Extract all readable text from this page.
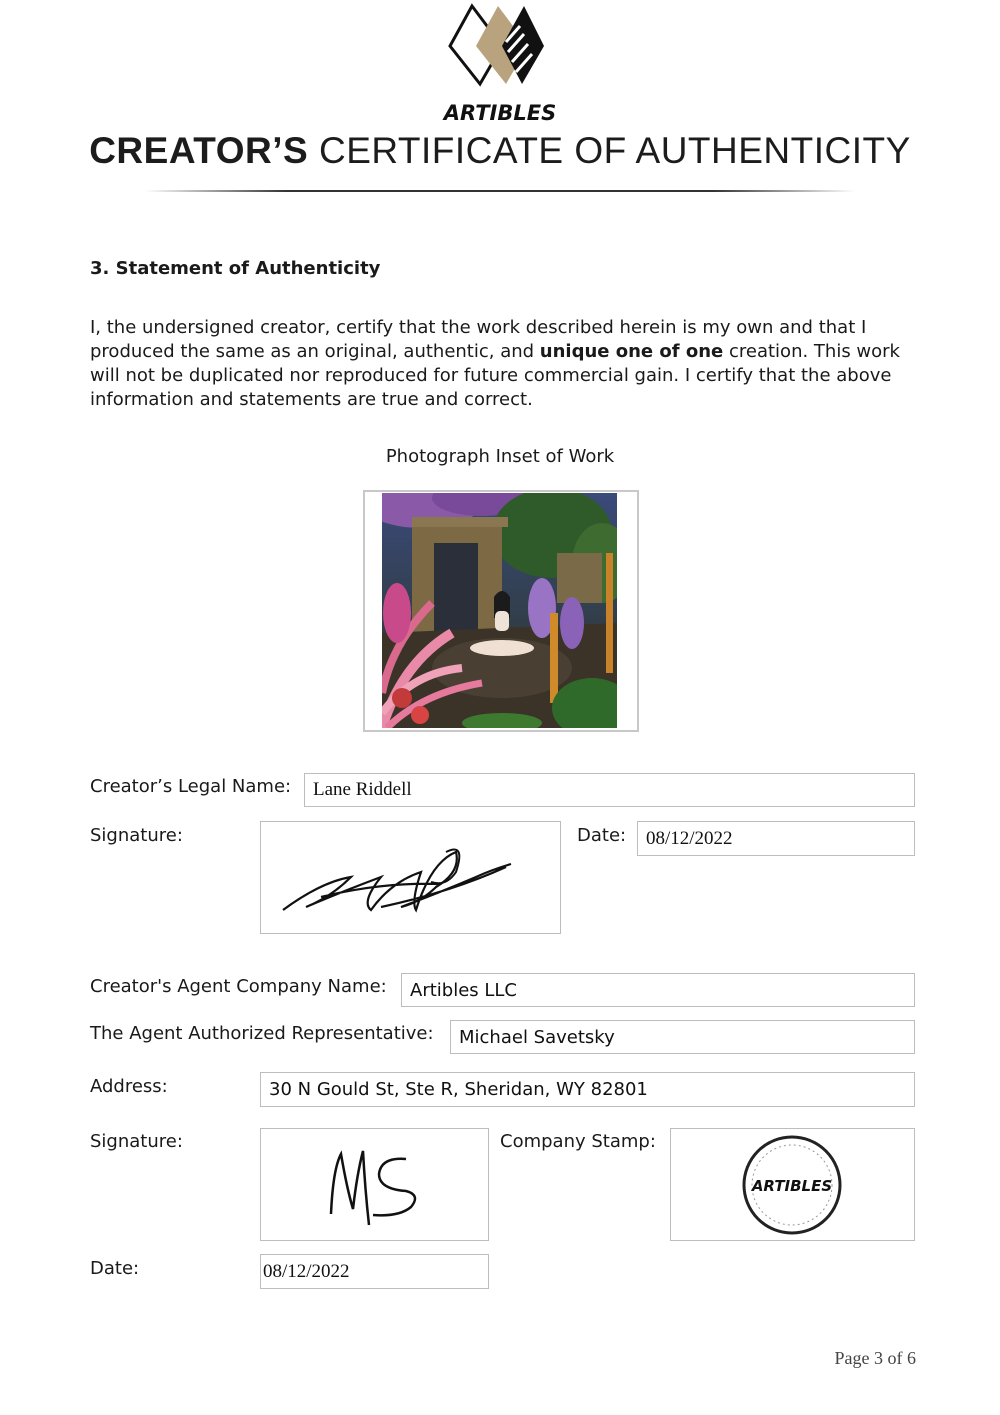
ARTIBLES
CREATOR’S CERTIFICATE OF AUTHENTICITY
3. Statement of Authenticity
I, the undersigned creator, certify that the work described herein is my own and that I produced the same as an original, authentic, and unique one of one creation. This work will not be duplicated nor reproduced for future commercial gain. I certify that the above information and statements are true and correct.
Photograph Inset of Work
Creator’s Legal Name:	Lane Riddell
Signature:	Date:	08/12/2022
Creator's Agent Company Name:	Artibles LLC
The Agent Authorized Representative:	Michael Savetsky
Address:	30 N Gould St, Ste R, Sheridan, WY 82801
Signature:	Company Stamp:
ARTIBLES
Date:	08/12/2022
Page 3 of 6
